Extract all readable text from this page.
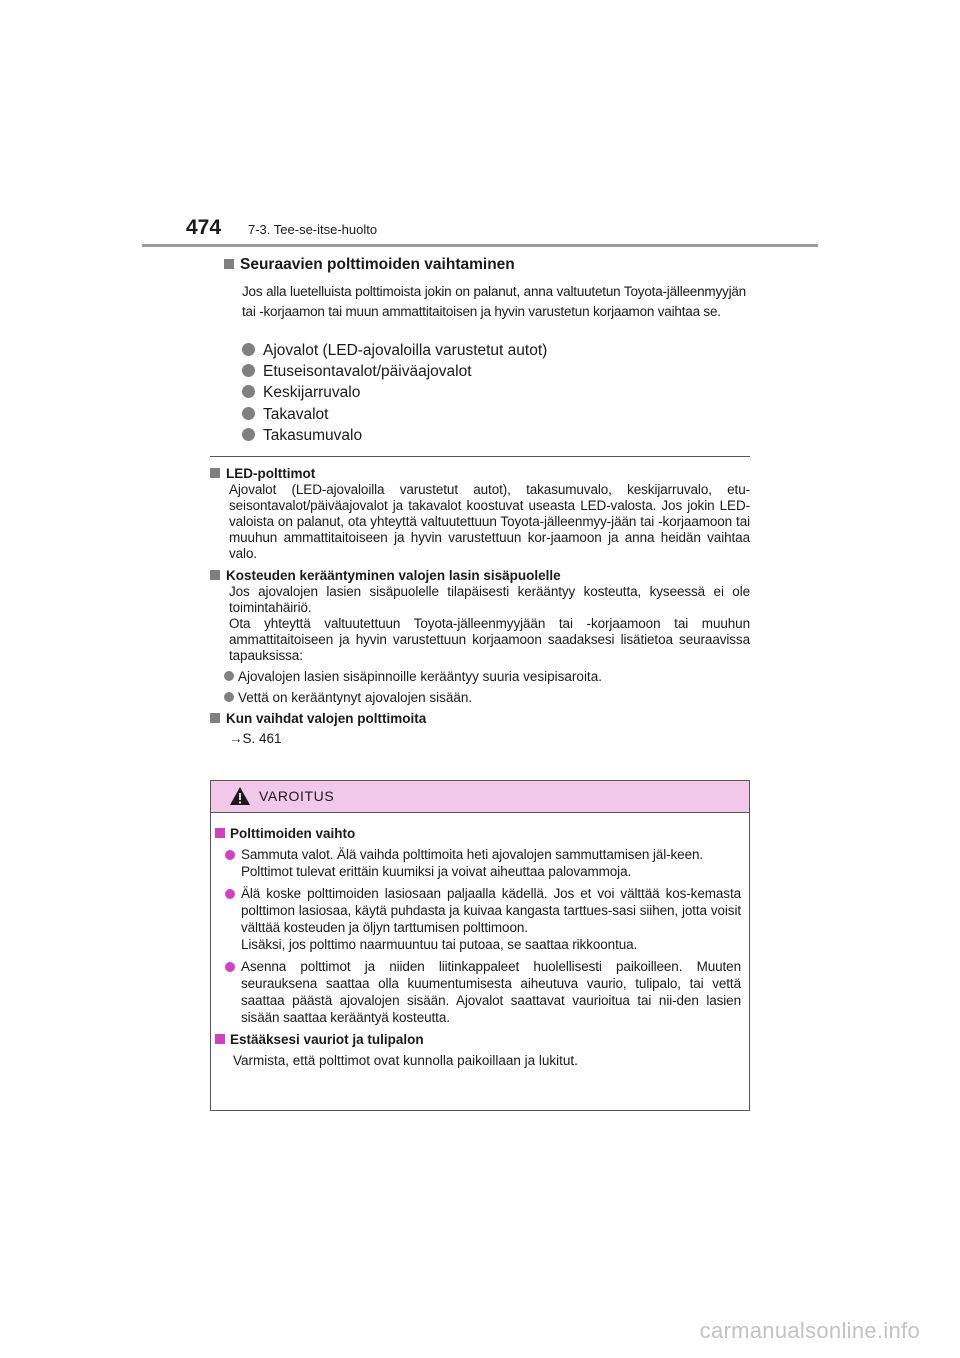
474 7-3. Tee-se-itse-huolto
Seuraavien polttimoiden vaihtaminen
Jos alla luetelluista polttimoista jokin on palanut, anna valtuutetun Toyota-jälleenmyyjän tai -korjaamon tai muun ammattitaitoisen ja hyvin varustetun korjaamon vaihtaa se.
Ajovalot (LED-ajovaloilla varustetut autot)
Etuseisontavalot/päiväajovalot
Keskijarruvalo
Takavalot
Takasumuvalo
LED-polttimot
Ajovalot (LED-ajovaloilla varustetut autot), takasumuvalo, keskijarruvalo, etu-seisontavalot/päiväajovalot ja takavalot koostuvat useasta LED-valosta. Jos jokin LED-valoista on palanut, ota yhteyttä valtuutettuun Toyota-jälleenmyy-jään tai -korjaamoon tai muuhun ammattitaitoiseen ja hyvin varustettuun kor-jaamoon ja anna heidän vaihtaa valo.
Kosteuden kerääntyminen valojen lasin sisäpuolelle

Jos ajovalojen lasien sisäpuolelle tilapäisesti kerääntyy kosteutta, kyseessä ei ole toimintahäiriö.

Ota yhteyttä valtuutettuun Toyota-jälleenmyyjään tai -korjaamoon tai muuhun ammattitaitoiseen ja hyvin varustettuun korjaamoon saadaksesi lisätietoa seuraavissa tapauksissa:

Ajovalojen lasien sisäpinnoille kerääntyy suuria vesipisaroita.
Vettä on kerääntynyt ajovalojen sisään.
Kun vaihdat valojen polttimoita
→S. 461
VAROITUS
Polttimoiden vaihto

Sammuta valot. Älä vaihda polttimoita heti ajovalojen sammuttamisen jäl-keen.

Polttimot tulevat erittäin kuumiksi ja voivat aiheuttaa palovammoja.

Älä koske polttimoiden lasiosaan paljaalla kädellä. Jos et voi välttää kos-kemasta polttimon lasiosaa, käytä puhdasta ja kuivaa kangasta tarttues-sasi siihen, jotta voisit välttää kosteuden ja öljyn tarttumisen polttimoon.

Lisäksi, jos polttimo naarmuuntuu tai putoaa, se saattaa rikkoontua.

Asenna polttimot ja niiden liitinkappaleet huolellisesti paikoilleen. Muuten seurauksena saattaa olla kuumentumisesta aiheutuva vaurio, tulipalo, tai vettä saattaa päästä ajovalojen sisään. Ajovalot saattavat vaurioitua tai nii-den lasien sisään saattaa kerääntyä kosteutta.

Estääksesi vauriot ja tulipalon
Varmista, että polttimot ovat kunnolla paikoillaan ja lukitut.
carmanualsonline.info
